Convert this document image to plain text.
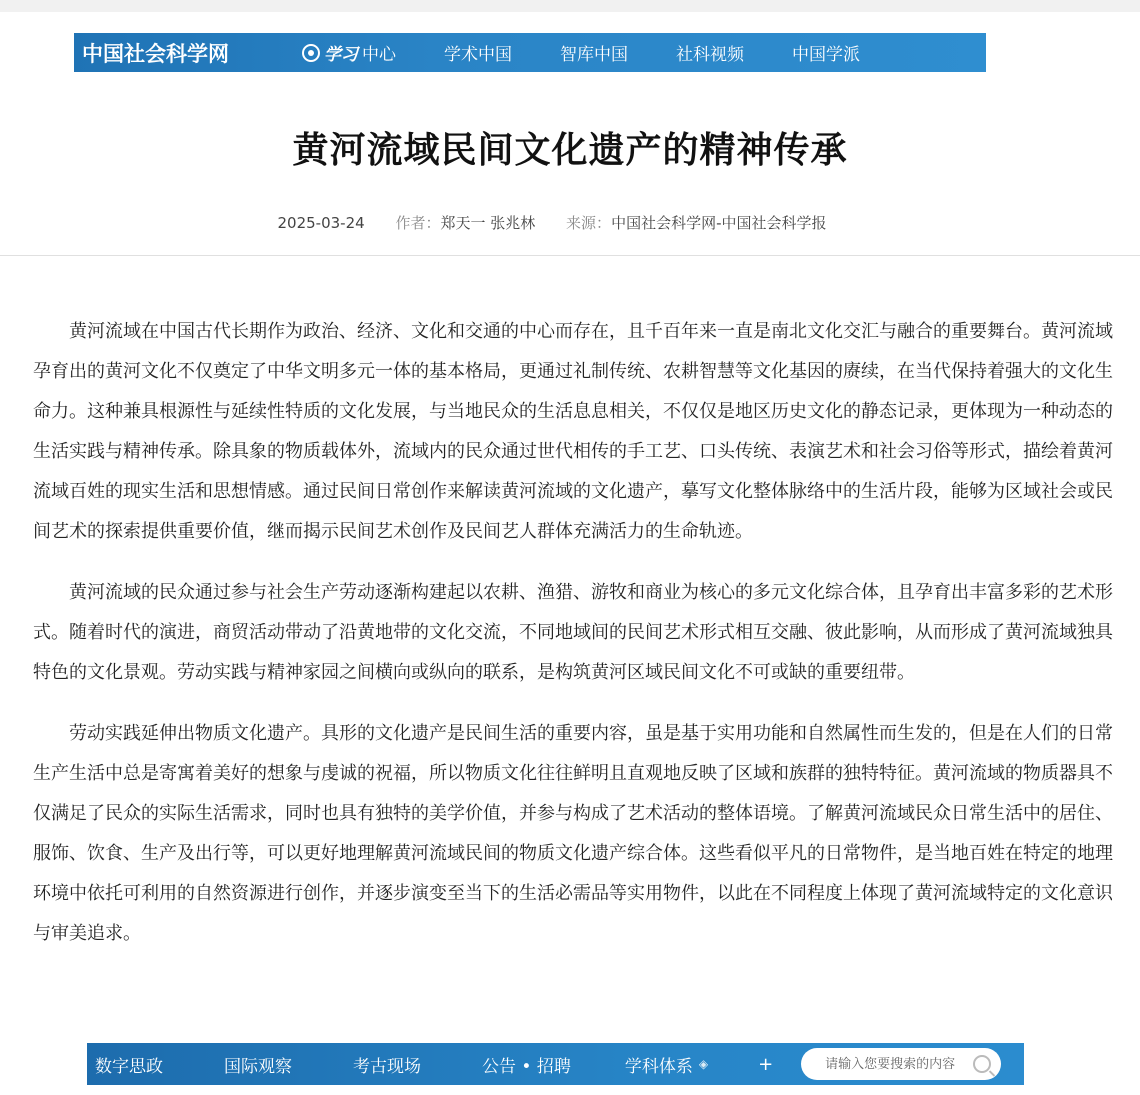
中国社会科学网	学习 中心	学术中国	智库中国	社科视频	中国学派
黄河流域民间文化遗产的精神传承
2025-03-24 作者：郑天一 张兆林 来源：中国社会科学网-中国社会科学报

黄河流域在中国古代长期作为政治、经济、文化和交通的中心而存在，且千百年来一直是南北文化交汇与融合的重要舞台。黄河流域孕育出的黄河文化不仅奠定了中华文明多元一体的基本格局，更通过礼制传统、农耕智慧等文化基因的赓续，在当代保持着强大的文化生命力。这种兼具根源性与延续性特质的文化发展，与当地民众的生活息息相关，不仅仅是地区历史文化的静态记录，更体现为一种动态的生活实践与精神传承。除具象的物质载体外，流域内的民众通过世代相传的手工艺、口头传统、表演艺术和社会习俗等形式，描绘着黄河流域百姓的现实生活和思想情感。通过民间日常创作来解读黄河流域的文化遗产，摹写文化整体脉络中的生活片段，能够为区域社会或民间艺术的探索提供重要价值，继而揭示民间艺术创作及民间艺人群体充满活力的生命轨迹。

黄河流域的民众通过参与社会生产劳动逐渐构建起以农耕、渔猎、游牧和商业为核心的多元文化综合体，且孕育出丰富多彩的艺术形式。随着时代的演进，商贸活动带动了沿黄地带的文化交流，不同地域间的民间艺术形式相互交融、彼此影响，从而形成了黄河流域独具特色的文化景观。劳动实践与精神家园之间横向或纵向的联系，是构筑黄河区域民间文化不可或缺的重要纽带。

劳动实践延伸出物质文化遗产。具形的文化遗产是民间生活的重要内容，虽是基于实用功能和自然属性而生发的，但是在人们的日常生产生活中总是寄寓着美好的想象与虔诚的祝福，所以物质文化往往鲜明且直观地反映了区域和族群的独特特征。黄河流域的物质器具不仅满足了民众的实际生活需求，同时也具有独特的美学价值，并参与构成了艺术活动的整体语境。了解黄河流域民众日常生活中的居住、服饰、饮食、生产及出行等，可以更好地理解黄河流域民间的物质文化遗产综合体。这些看似平凡的日常物件，是当地百姓在特定的地理环境中依托可利用的自然资源进行创作，并逐步演变至当下的生活必需品等实用物件，以此在不同程度上体现了黄河流域特定的文化意识与审美追求。

数字思政	国际观察	考古现场	公告 • 招聘	学科体系 ◈	+
请输入您要搜索的内容
